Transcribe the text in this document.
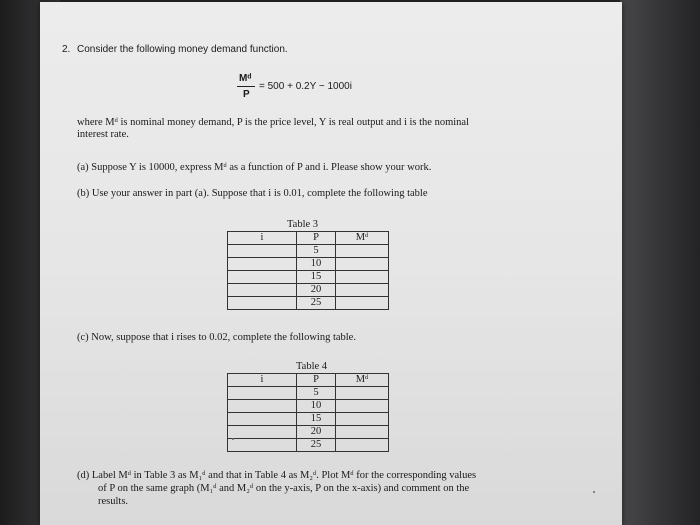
2. Consider the following money demand function.
Mᵈ
P
= 500 + 0.2Y − 1000i
where Mᵈ is nominal money demand, P is the price level, Y is real output and i is the nominal
interest rate.
(a) Suppose Y is 10000, express Mᵈ as a function of P and i. Please show your work.
(b) Use your answer in part (a). Suppose that i is 0.01, complete the following table
Table 3
i	P	Mᵈ
	5	
	10	
	15	
	20	
	25	
(c) Now, suppose that i rises to 0.02, complete the following table.
Table 4
i	P	Mᵈ
	5	
	10	
	15	
	20	
	25	
(d) Label Mᵈ in Table 3 as M₁ᵈ and that in Table 4 as M₂ᵈ. Plot Mᵈ for the corresponding values
of P on the same graph (M₁ᵈ and M₂ᵈ on the y-axis, P on the x-axis) and comment on the
results.
